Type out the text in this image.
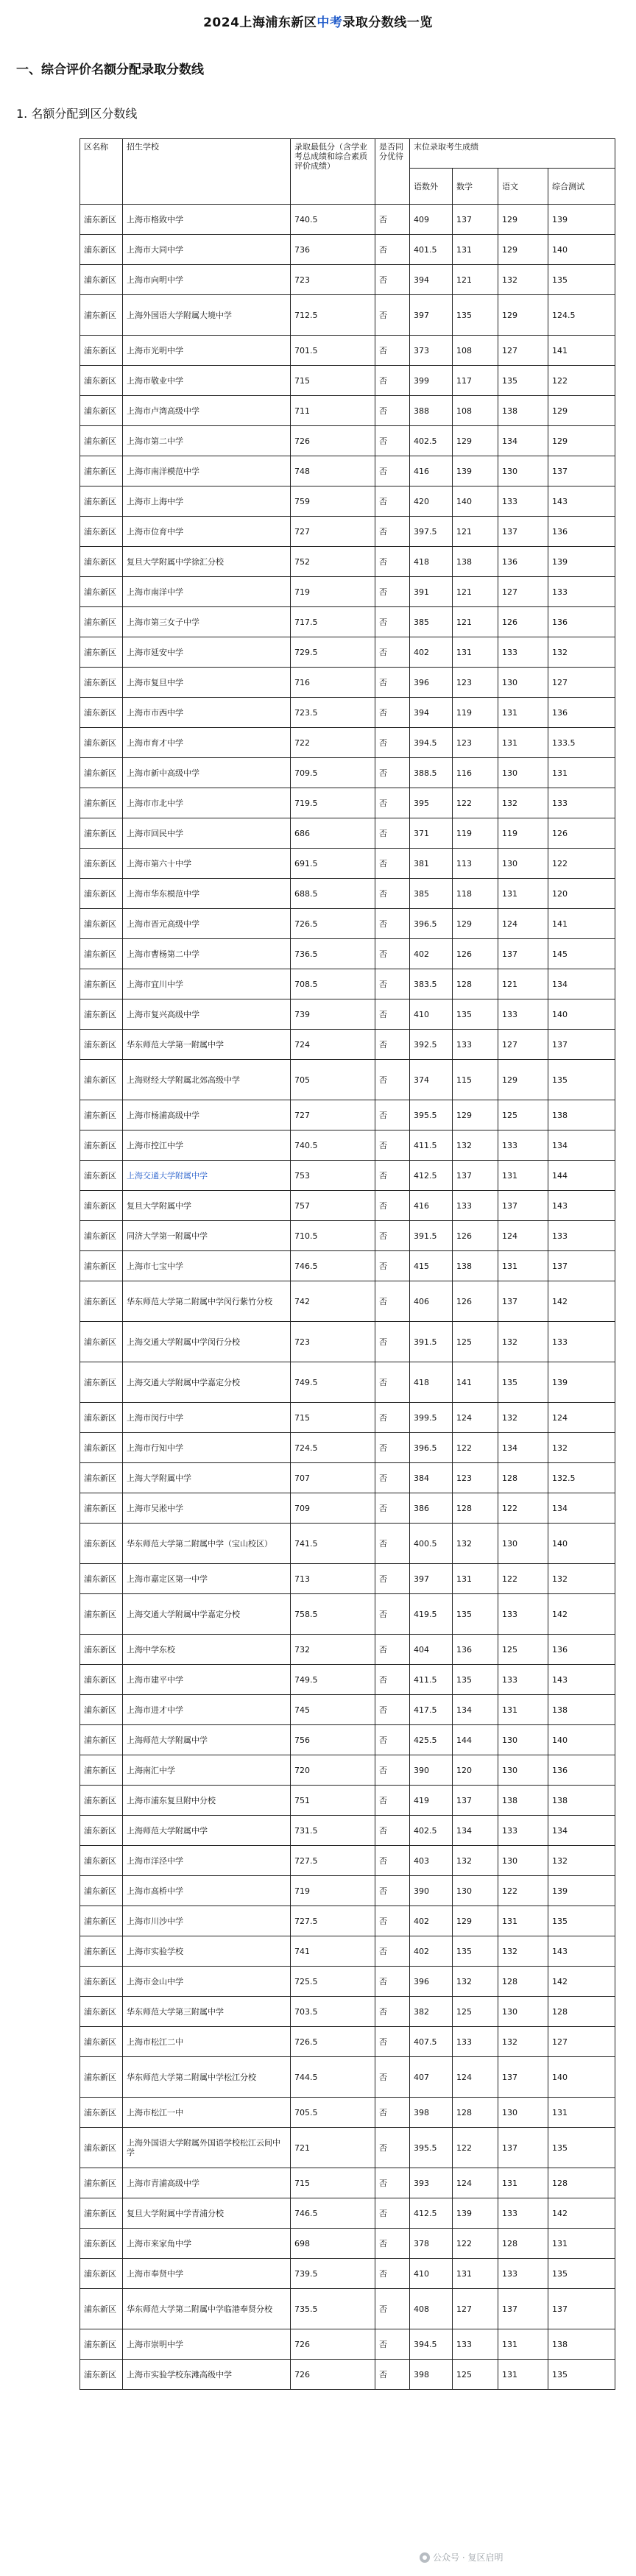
2024上海浦东新区中考录取分数线一览
一、综合评价名额分配录取分数线
1. 名额分配到区分数线
区名称	招生学校	录取最低分（含学业考总成绩和综合素质评价成绩）	是否同分优待	末位录取考生成绩			
				语数外	数学	语文	综合测试
浦东新区	上海市格致中学	740.5	否	409	137	129	139
浦东新区	上海市大同中学	736	否	401.5	131	129	140
浦东新区	上海市向明中学	723	否	394	121	132	135
浦东新区	上海外国语大学附属大境中学	712.5	否	397	135	129	124.5
浦东新区	上海市光明中学	701.5	否	373	108	127	141
浦东新区	上海市敬业中学	715	否	399	117	135	122
浦东新区	上海市卢湾高级中学	711	否	388	108	138	129
浦东新区	上海市第二中学	726	否	402.5	129	134	129
浦东新区	上海市南洋模范中学	748	否	416	139	130	137
浦东新区	上海市上海中学	759	否	420	140	133	143
浦东新区	上海市位育中学	727	否	397.5	121	137	136
浦东新区	复旦大学附属中学徐汇分校	752	否	418	138	136	139
浦东新区	上海市南洋中学	719	否	391	121	127	133
浦东新区	上海市第三女子中学	717.5	否	385	121	126	136
浦东新区	上海市延安中学	729.5	否	402	131	133	132
浦东新区	上海市复旦中学	716	否	396	123	130	127
浦东新区	上海市市西中学	723.5	否	394	119	131	136
浦东新区	上海市育才中学	722	否	394.5	123	131	133.5
浦东新区	上海市新中高级中学	709.5	否	388.5	116	130	131
浦东新区	上海市市北中学	719.5	否	395	122	132	133
浦东新区	上海市回民中学	686	否	371	119	119	126
浦东新区	上海市第六十中学	691.5	否	381	113	130	122
浦东新区	上海市华东模范中学	688.5	否	385	118	131	120
浦东新区	上海市晋元高级中学	726.5	否	396.5	129	124	141
浦东新区	上海市曹杨第二中学	736.5	否	402	126	137	145
浦东新区	上海市宜川中学	708.5	否	383.5	128	121	134
浦东新区	上海市复兴高级中学	739	否	410	135	133	140
浦东新区	华东师范大学第一附属中学	724	否	392.5	133	127	137
浦东新区	上海财经大学附属北郊高级中学	705	否	374	115	129	135
浦东新区	上海市杨浦高级中学	727	否	395.5	129	125	138
浦东新区	上海市控江中学	740.5	否	411.5	132	133	134
浦东新区	上海交通大学附属中学	753	否	412.5	137	131	144
浦东新区	复旦大学附属中学	757	否	416	133	137	143
浦东新区	同济大学第一附属中学	710.5	否	391.5	126	124	133
浦东新区	上海市七宝中学	746.5	否	415	138	131	137
浦东新区	华东师范大学第二附属中学闵行紫竹分校	742	否	406	126	137	142
浦东新区	上海交通大学附属中学闵行分校	723	否	391.5	125	132	133
浦东新区	上海交通大学附属中学嘉定分校	749.5	否	418	141	135	139
浦东新区	上海市闵行中学	715	否	399.5	124	132	124
浦东新区	上海市行知中学	724.5	否	396.5	122	134	132
浦东新区	上海大学附属中学	707	否	384	123	128	132.5
浦东新区	上海市吴淞中学	709	否	386	128	122	134
浦东新区	华东师范大学第二附属中学（宝山校区）	741.5	否	400.5	132	130	140
浦东新区	上海市嘉定区第一中学	713	否	397	131	122	132
浦东新区	上海交通大学附属中学嘉定分校	758.5	否	419.5	135	133	142
浦东新区	上海中学东校	732	否	404	136	125	136
浦东新区	上海市建平中学	749.5	否	411.5	135	133	143
浦东新区	上海市进才中学	745	否	417.5	134	131	138
浦东新区	上海师范大学附属中学	756	否	425.5	144	130	140
浦东新区	上海南汇中学	720	否	390	120	130	136
浦东新区	上海市浦东复旦附中分校	751	否	419	137	138	138
浦东新区	上海师范大学附属中学	731.5	否	402.5	134	133	134
浦东新区	上海市洋泾中学	727.5	否	403	132	130	132
浦东新区	上海市高桥中学	719	否	390	130	122	139
浦东新区	上海市川沙中学	727.5	否	402	129	131	135
浦东新区	上海市实验学校	741	否	402	135	132	143
浦东新区	上海市金山中学	725.5	否	396	132	128	142
浦东新区	华东师范大学第三附属中学	703.5	否	382	125	130	128
浦东新区	上海市松江二中	726.5	否	407.5	133	132	127
浦东新区	华东师范大学第二附属中学松江分校	744.5	否	407	124	137	140
浦东新区	上海市松江一中	705.5	否	398	128	130	131
浦东新区	上海外国语大学附属外国语学校松江云间中学	721	否	395.5	122	137	135
浦东新区	上海市青浦高级中学	715	否	393	124	131	128
浦东新区	复旦大学附属中学青浦分校	746.5	否	412.5	139	133	142
浦东新区	上海市来家角中学	698	否	378	122	128	131
浦东新区	上海市奉贤中学	739.5	否	410	131	133	135
浦东新区	华东师范大学第二附属中学临港奉贤分校	735.5	否	408	127	137	137
浦东新区	上海市崇明中学	726	否	394.5	133	131	138
浦东新区	上海市实验学校东滩高级中学	726	否	398	125	131	135
公众号 · 复区启明
